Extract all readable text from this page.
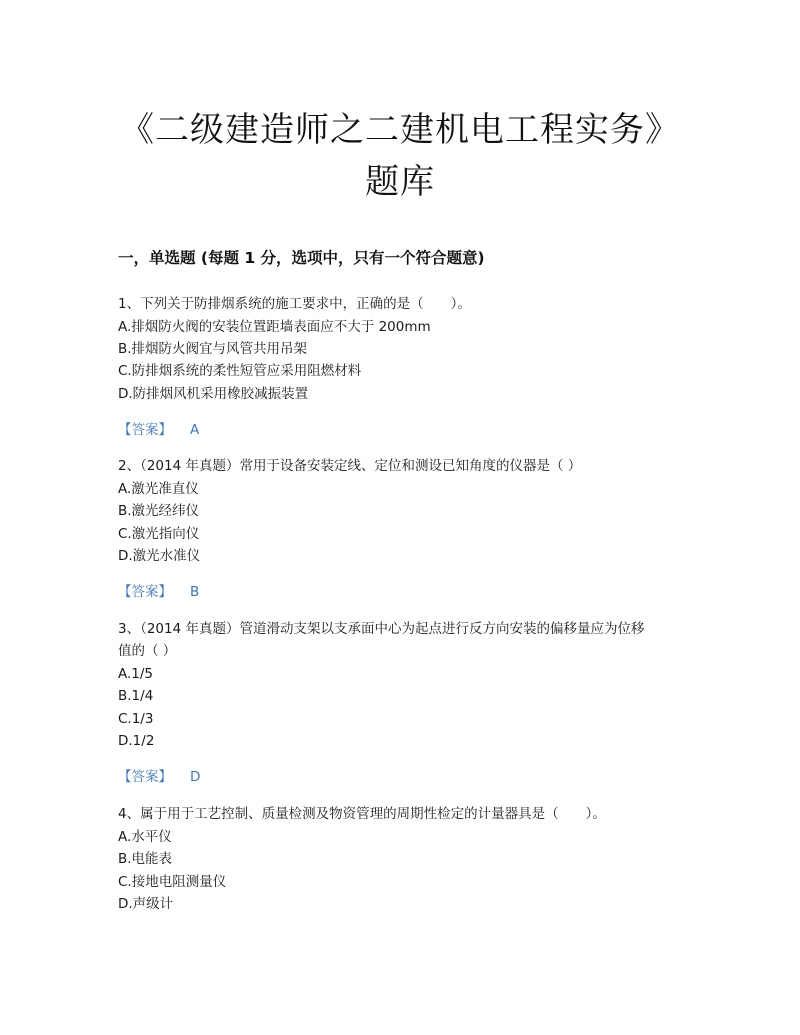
《二级建造师之二建机电工程实务》
题库
一，单选题 (每题 1 分，选项中，只有一个符合题意)
1、下列关于防排烟系统的施工要求中，正确的是（　　）。
A.排烟防火阀的安装位置距墙表面应不大于 200mm
B.排烟防火阀宜与风管共用吊架
C.防排烟系统的柔性短管应采用阻燃材料
D.防排烟风机采用橡胶减振装置
【答案】 A
2、（2014 年真题）常用于设备安装定线、定位和测设已知角度的仪器是（ ）
A.激光准直仪
B.激光经纬仪
C.激光指向仪
D.激光水准仪
【答案】 B
3、（2014 年真题）管道滑动支架以支承面中心为起点进行反方向安装的偏移量应为位移
值的（ ）
A.1/5
B.1/4
C.1/3
D.1/2
【答案】 D
4、属于用于工艺控制、质量检测及物资管理的周期性检定的计量器具是（　　）。
A.水平仪
B.电能表
C.接地电阻测量仪
D.声级计
